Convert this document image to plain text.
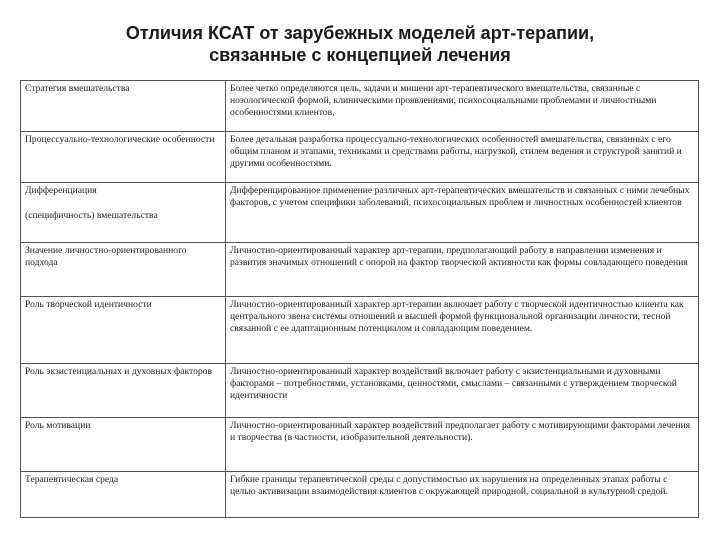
Отличия КСАТ от зарубежных моделей арт-терапии,
связанные с концепцией лечения
Стратегия вмешательства	Более четко определяются цель, задачи и мишени арт-терапевтического вмешательства, связанные с нозологической формой, клиническими проявлениями, психосоциальными проблемами и личностными особенностями клиентов,
Процессуально-технологические особенности	Более детальная разработка процессуально-технологических особенностей вмешательства, связанных с его общим планом и этапами, техниками и средствами работы, нагрузкой, стилем ведения и структурой занятий и другими особенностями.
Дифференциация
(специфичность) вмешательства	Дифференцированное применение различных арт-терапевтических вмешательств и связанных с ними лечебных факторов, с учетом специфики заболеваний, психосоциальных проблем и личностных особенностей клиентов
Значение личностно-ориентированного подхода	Личностно-ориентированный характер арт-терапии, предполагающий работу в направлении изменения и развития значимых отношений с опорой на фактор творческой активности как формы совладающего поведения
Роль творческой идентичности	Личностно-ориентированный характер арт-терапии включает работу с творческой идентичностью клиента как центрального звена системы отношений и высшей формой функциональной организации личности, тесной связанной с ее адаптационным потенциалом и совладающим поведением.
Роль экзистенциальных и духовных факторов	Личностно-ориентированный характер воздействий включает работу с экзистенциальными и духовными факторами – потребностями, установками, ценностями, смыслами – связанными с утверждением творческой идентичности
Роль мотивации	Личностно-ориентированный характер воздействий предполагает работу с мотивирующими факторами лечения и творчества (в частности, изобразительной деятельности).
Терапевтическая среда	Гибкие границы терапевтической среды с допустимостью их нарушения на определенных этапах работы с целью активизации взаимодействия клиентов с окружающей природной, социальной и культурной средой.
